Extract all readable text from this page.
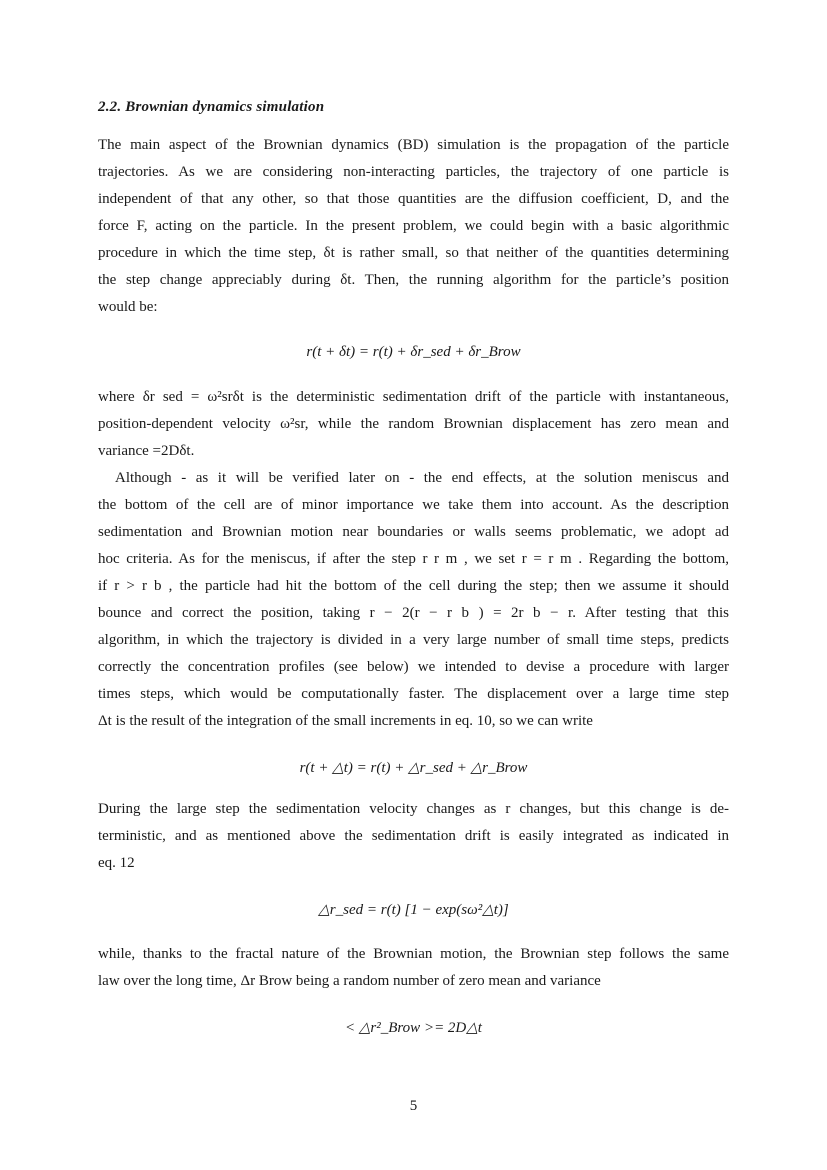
2.2. Brownian dynamics simulation
The main aspect of the Brownian dynamics (BD) simulation is the propagation of the particle
trajectories. As we are considering non-interacting particles, the trajectory of one particle is
independent of that any other, so that those quantities are the diffusion coefficient, D, and the
force F, acting on the particle. In the present problem, we could begin with a basic algorithmic
procedure in which the time step, δt is rather small, so that neither of the quantities determining
the step change appreciably during δt. Then, the running algorithm for the particle’s position
would be:
r(t + δt) = r(t) + δr_sed + δr_Brow
where δr sed = ω²srδt is the deterministic sedimentation drift of the particle with instantaneous,
position-dependent velocity ω²sr, while the random Brownian displacement has zero mean and
variance =2Dδt.
Although - as it will be verified later on - the end effects, at the solution meniscus and
the bottom of the cell are of minor importance we take them into account. As the description
sedimentation and Brownian motion near boundaries or walls seems problematic, we adopt ad
hoc criteria. As for the meniscus, if after the step r r m , we set r = r m . Regarding the bottom,
if r > r b , the particle had hit the bottom of the cell during the step; then we assume it should
bounce and correct the position, taking r − 2(r − r b ) = 2r b − r. After testing that this
algorithm, in which the trajectory is divided in a very large number of small time steps, predicts
correctly the concentration profiles (see below) we intended to devise a procedure with larger
times steps, which would be computationally faster. The displacement over a large time step
Δt is the result of the integration of the small increments in eq. 10, so we can write
r(t + △t) = r(t) + △r_sed + △r_Brow
During the large step the sedimentation velocity changes as r changes, but this change is de-
terministic, and as mentioned above the sedimentation drift is easily integrated as indicated in
eq. 12
△r_sed = r(t) [1 − exp(sω²△t)]
while, thanks to the fractal nature of the Brownian motion, the Brownian step follows the same
law over the long time, Δr Brow being a random number of zero mean and variance
< △r²_Brow >= 2D△t
5
